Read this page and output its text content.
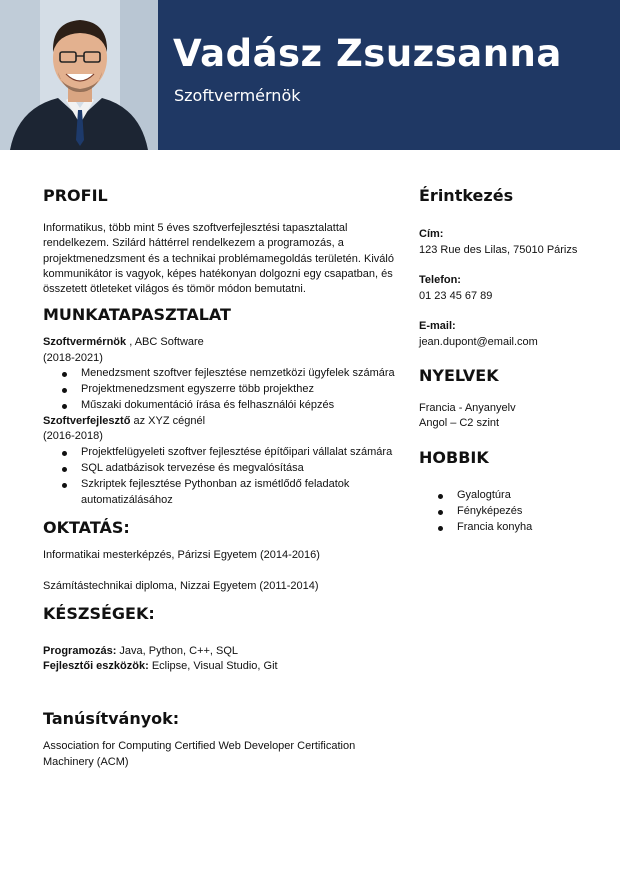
Vadász Zsuzsanna
Szoftvermérnök
PROFIL
Informatikus, több mint 5 éves szoftverfejlesztési tapasztalattal rendelkezem. Szilárd háttérrel rendelkezem a programozás, a projektmenedzsment és a technikai problémamegoldás területén. Kiváló kommunikátor is vagyok, képes hatékonyan dolgozni egy csapatban, és összetett ötleteket világos és tömör módon bemutatni.
MUNKATAPASZTALAT
Szoftvermérnök , ABC Software
(2018-2021)
Menedzsment szoftver fejlesztése nemzetközi ügyfelek számára
Projektmenedzsment egyszerre több projekthez
Műszaki dokumentáció írása és felhasználói képzés
Szoftverfejlesztő az XYZ cégnél
(2016-2018)
Projektfelügyeleti szoftver fejlesztése építőipari vállalat számára
SQL adatbázisok tervezése és megvalósítása
Szkriptek fejlesztése Pythonban az ismétlődő feladatok automatizálásához
OKTATÁS:
Informatikai mesterképzés, Párizsi Egyetem (2014-2016)
Számítástechnikai diploma, Nizzai Egyetem (2011-2014)
KÉSZSÉGEK:
Programozás: Java, Python, C++, SQL
Fejlesztői eszközök: Eclipse, Visual Studio, Git
Tanúsítványok:
Association for Computing Certified Web Developer Certification Machinery (ACM)
Érintkezés
Cím:
123 Rue des Lilas, 75010 Párizs
Telefon:
01 23 45 67 89
E-mail:
jean.dupont@email.com
NYELVEK
Francia - Anyanyelv
Angol – C2 szint
HOBBIK
Gyalogtúra
Fényképezés
Francia konyha
